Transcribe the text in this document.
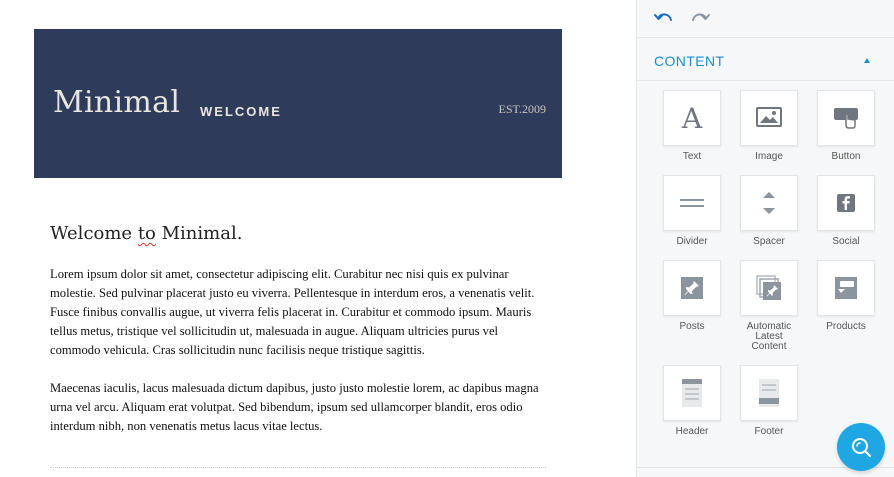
Minimal WELCOME	EST.2009
Welcome to Minimal.

Lorem ipsum dolor sit amet, consectetur adipiscing elit. Curabitur nec nisi quis ex pulvinar molestie. Sed pulvinar placerat justo eu viverra. Pellentesque in interdum eros, a venenatis velit. Fusce finibus convallis augue, ut viverra felis placerat in. Curabitur et commodo ipsum. Mauris tellus metus, tristique vel sollicitudin ut, malesuada in augue. Aliquam ultricies purus vel commodo vehicula. Cras sollicitudin nunc facilisis neque tristique sagittis.

Maecenas iaculis, lacus malesuada dictum dapibus, justo justo molestie lorem, ac dapibus magna urna vel arcu. Aliquam erat volutpat. Sed bibendum, ipsum sed ullamcorper blandit, eros odio interdum nibh, non venenatis metus lacus vitae lectus.

CONTENT
A
Text	Image	Button
Divider	Spacer	Social
Posts	Automatic Latest Content
Products
Header	Footer
